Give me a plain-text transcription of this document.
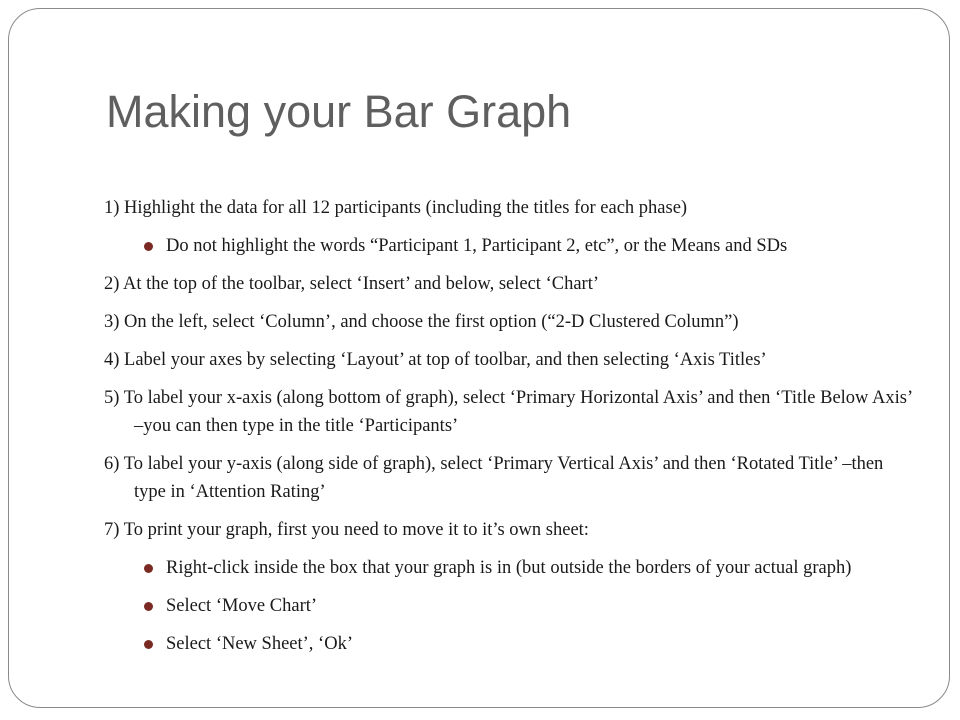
Making your Bar Graph

1) Highlight the data for all 12 participants (including the titles for each phase)

Do not highlight the words “Participant 1, Participant 2, etc”, or the Means and SDs

2) At the top of the toolbar, select ‘Insert’ and below, select ‘Chart’

3) On the left, select ‘Column’, and choose the first option (“2-D Clustered Column”)

4) Label your axes by selecting ‘Layout’ at top of toolbar, and then selecting ‘Axis Titles’

5) To label your x-axis (along bottom of graph), select ‘Primary Horizontal Axis’ and then ‘Title Below Axis’ –you can then type in the title ‘Participants’

6) To label your y-axis (along side of graph), select ‘Primary Vertical Axis’ and then ‘Rotated Title’ –then type in ‘Attention Rating’

7) To print your graph, first you need to move it to it’s own sheet:

Right-click inside the box that your graph is in (but outside the borders of your actual graph)

Select ‘Move Chart’

Select ‘New Sheet’, ‘Ok’
